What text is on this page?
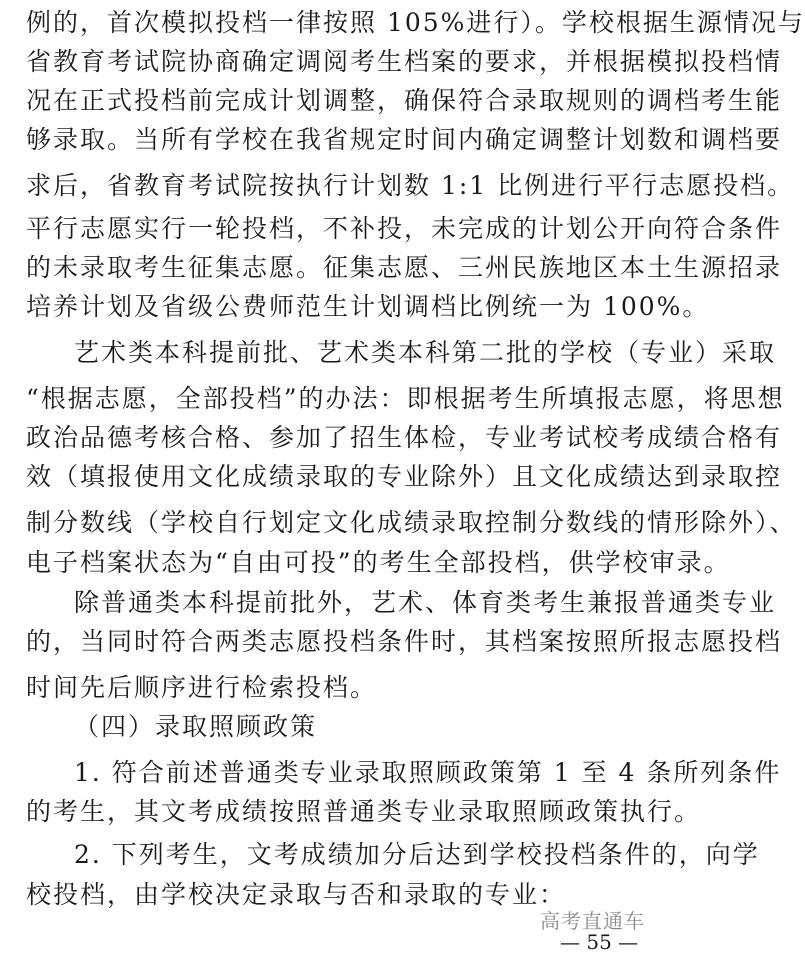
例的，首次模拟投档一律按照 105%进行）。学校根据生源情况与
省教育考试院协商确定调阅考生档案的要求，并根据模拟投档情
况在正式投档前完成计划调整，确保符合录取规则的调档考生能
够录取。当所有学校在我省规定时间内确定调整计划数和调档要
求后，省教育考试院按执行计划数 1:1 比例进行平行志愿投档。
平行志愿实行一轮投档，不补投，未完成的计划公开向符合条件
的未录取考生征集志愿。征集志愿、三州民族地区本土生源招录
培养计划及省级公费师范生计划调档比例统一为 100%。
艺术类本科提前批、艺术类本科第二批的学校（专业）采取
“根据志愿，全部投档”的办法：即根据考生所填报志愿，将思想
政治品德考核合格、参加了招生体检，专业考试校考成绩合格有
效（填报使用文化成绩录取的专业除外）且文化成绩达到录取控
制分数线（学校自行划定文化成绩录取控制分数线的情形除外）、
电子档案状态为“自由可投”的考生全部投档，供学校审录。
除普通类本科提前批外，艺术、体育类考生兼报普通类专业
的，当同时符合两类志愿投档条件时，其档案按照所报志愿投档
时间先后顺序进行检索投档。
（四）录取照顾政策
1. 符合前述普通类专业录取照顾政策第 1 至 4 条所列条件
的考生，其文考成绩按照普通类专业录取照顾政策执行。
2. 下列考生，文考成绩加分后达到学校投档条件的，向学
校投档，由学校决定录取与否和录取的专业：
高考直通车
— 55 —
